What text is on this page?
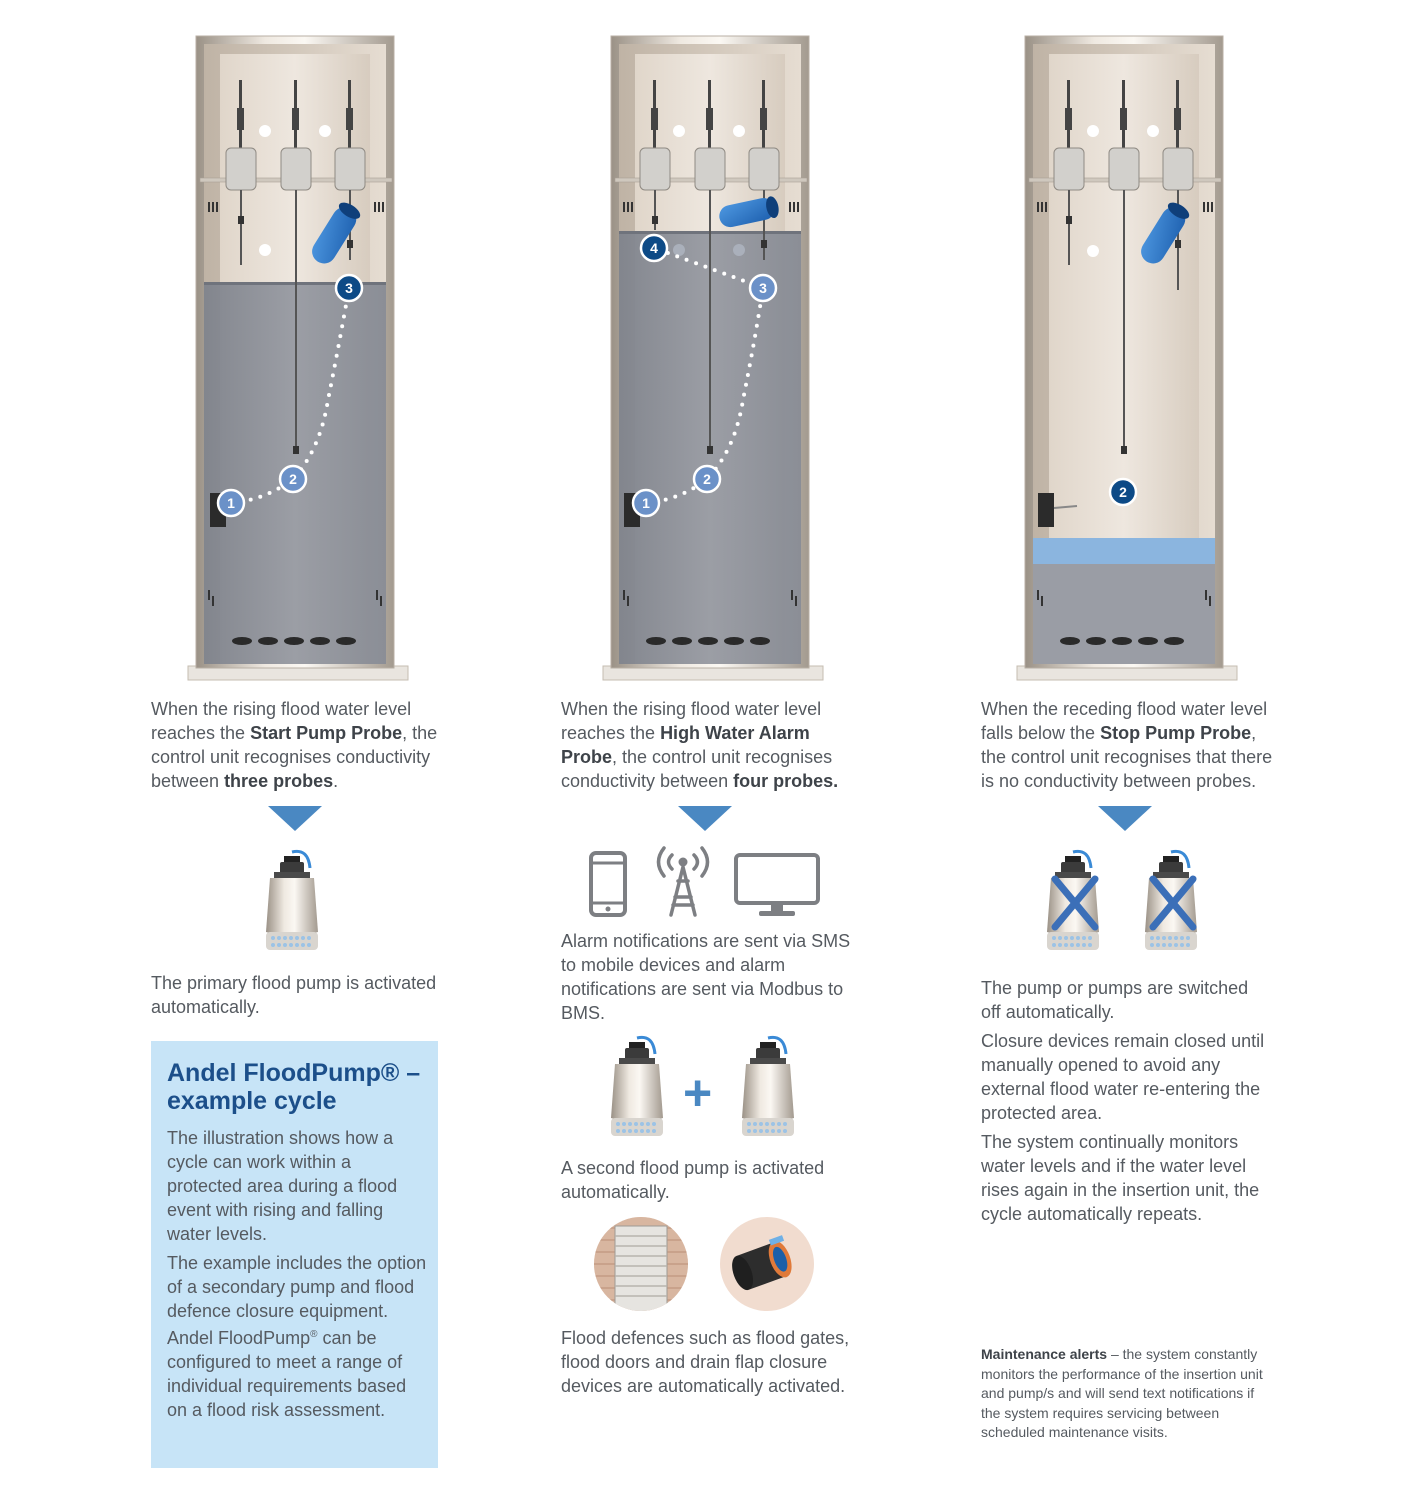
1
2
3
1
2
3
4
2

When the rising flood water level reaches the Start Pump Probe, the control unit recognises conductivity between three probes.

When the rising flood water level reaches the High Water Alarm Probe, the control unit recognises conductivity between four probes.

When the receding flood water level falls below the Stop Pump Probe, the control unit recognises that there is no conductivity between probes.

The primary flood pump is activated automatically.

Andel FloodPump® – example cycle

The illustration shows how a cycle can work within a protected area during a flood event with rising and falling water levels.

The example includes the option of a secondary pump and flood defence closure equipment. Andel FloodPump® can be configured to meet a range of individual requirements based on a flood risk assessment.

Alarm notifications are sent via SMS to mobile devices and alarm notifications are sent via Modbus to BMS.

+

A second flood pump is activated automatically.

Flood defences such as flood gates, flood doors and drain flap closure devices are automatically activated.

The pump or pumps are switched off automatically.

Closure devices remain closed until manually opened to avoid any external flood water re-entering the protected area.

The system continually monitors water levels and if the water level rises again in the insertion unit, the cycle automatically repeats.

Maintenance alerts – the system constantly monitors the performance of the insertion unit and pump/s and will send text notifications if the system requires servicing between scheduled maintenance visits.
